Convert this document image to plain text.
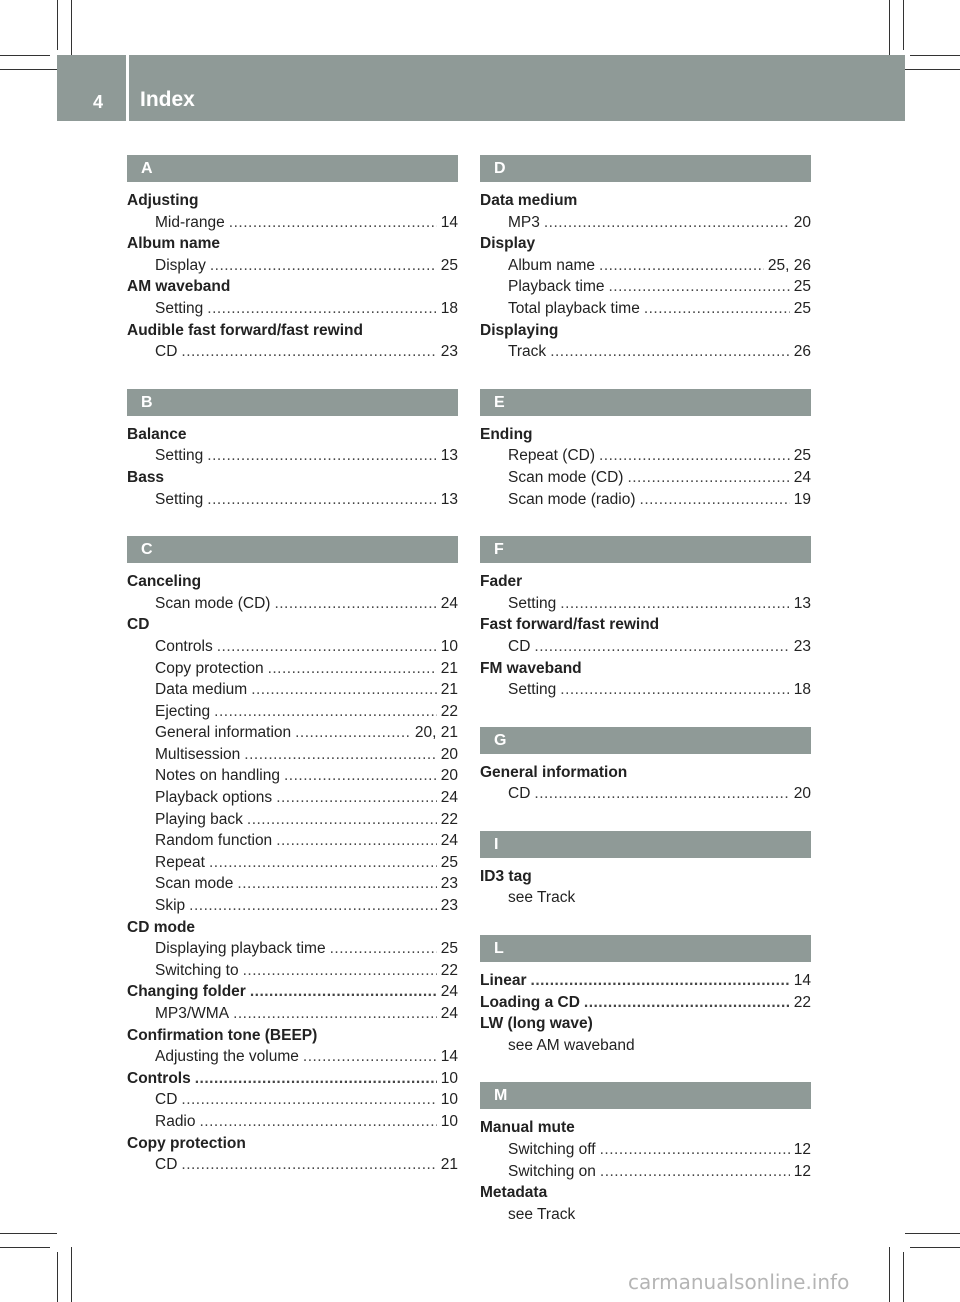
4 Index
A
Adjusting
Mid-range .....	14
Album name
Display .....	25
AM waveband
Setting .....	18
Audible fast forward/fast rewind
CD .....	23
B
Balance
Setting .....	13
Bass
Setting .....	13
C
Canceling
Scan mode (CD) .....	24
CD
Controls .....	10
Copy protection .....	21
Data medium .....	21
Ejecting .....	22
General information .....	20, 21
Multisession .....	20
Notes on handling .....	20
Playback options .....	24
Playing back .....	22
Random function .....	24
Repeat .....	25
Scan mode .....	23
Skip .....	23
CD mode
Displaying playback time .....	25
Switching to .....	22
Changing folder .....	24
MP3/WMA .....	24
Confirmation tone (BEEP)
Adjusting the volume .....	14
Controls .....	10
CD .....	10
Radio .....	10
Copy protection
CD .....	21
D
Data medium
MP3 .....	20
Display
Album name .....	25, 26
Playback time .....	25
Total playback time .....	25
Displaying
Track .....	26
E
Ending
Repeat (CD) .....	25
Scan mode (CD) .....	24
Scan mode (radio) .....	19
F
Fader
Setting .....	13
Fast forward/fast rewind
CD .....	23
FM waveband
Setting .....	18
G
General information
CD .....	20
I
ID3 tag
see Track
L
Linear .....	14
Loading a CD .....	22
LW (long wave)
see AM waveband
M
Manual mute
Switching off .....	12
Switching on .....	12
Metadata
see Track
carmanualsonline.info
